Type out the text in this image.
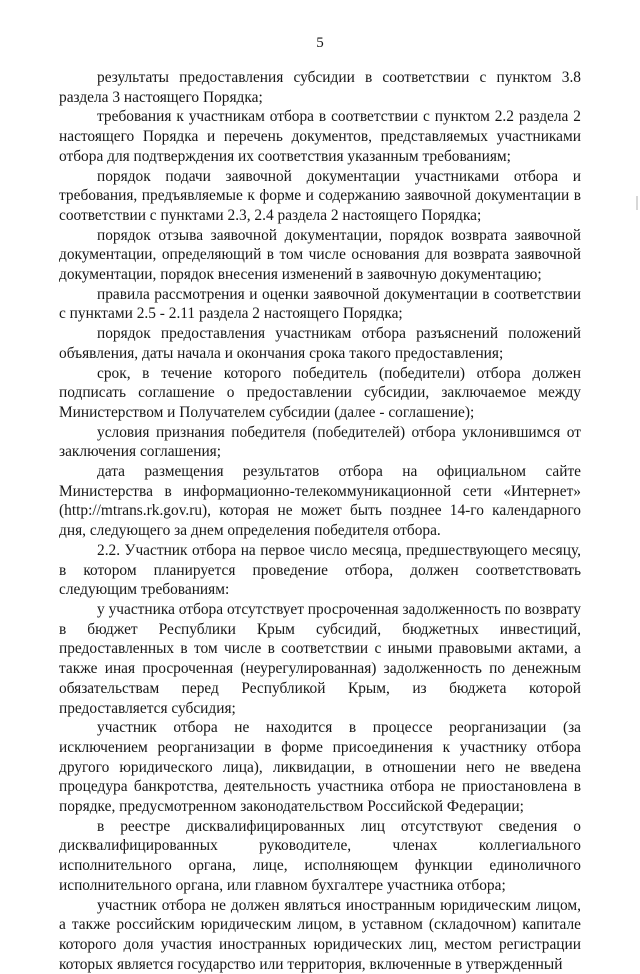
5

результаты предоставления субсидии в соответствии с пунктом 3.8 раздела 3 настоящего Порядка;

требования к участникам отбора в соответствии с пунктом 2.2 раздела 2 настоящего Порядка и перечень документов, представляемых участниками отбора для подтверждения их соответствия указанным требованиям;

порядок подачи заявочной документации участниками отбора и требования, предъявляемые к форме и содержанию заявочной документации в соответствии с пунктами 2.3, 2.4 раздела 2 настоящего Порядка;

порядок отзыва заявочной документации, порядок возврата заявочной документации, определяющий в том числе основания для возврата заявочной документации, порядок внесения изменений в заявочную документацию;

правила рассмотрения и оценки заявочной документации в соответствии с пунктами 2.5 - 2.11 раздела 2 настоящего Порядка;

порядок предоставления участникам отбора разъяснений положений объявления, даты начала и окончания срока такого предоставления;

срок, в течение которого победитель (победители) отбора должен подписать соглашение о предоставлении субсидии, заключаемое между Министерством и Получателем субсидии (далее - соглашение);

условия признания победителя (победителей) отбора уклонившимся от заключения соглашения;

дата размещения результатов отбора на официальном сайте Министерства в информационно-телекоммуникационной сети «Интернет» (http://mtrans.rk.gov.ru), которая не может быть позднее 14-го календарного дня, следующего за днем определения победителя отбора.

2.2. Участник отбора на первое число месяца, предшествующего месяцу, в котором планируется проведение отбора, должен соответствовать следующим требованиям:

у участника отбора отсутствует просроченная задолженность по возврату в бюджет Республики Крым субсидий, бюджетных инвестиций, предоставленных в том числе в соответствии с иными правовыми актами, а также иная просроченная (неурегулированная) задолженность по денежным обязательствам перед Республикой Крым, из бюджета которой предоставляется субсидия;

участник отбора не находится в процессе реорганизации (за исключением реорганизации в форме присоединения к участнику отбора другого юридического лица), ликвидации, в отношении него не введена процедура банкротства, деятельность участника отбора не приостановлена в порядке, предусмотренном законодательством Российской Федерации;

в реестре дисквалифицированных лиц отсутствуют сведения о дисквалифицированных руководителе, членах коллегиального исполнительного органа, лице, исполняющем функции единоличного исполнительного органа, или главном бухгалтере участника отбора;

участник отбора не должен являться иностранным юридическим лицом, а также российским юридическим лицом, в уставном (складочном) капитале которого доля участия иностранных юридических лиц, местом регистрации которых является государство или территория, включенные в утвержденный
